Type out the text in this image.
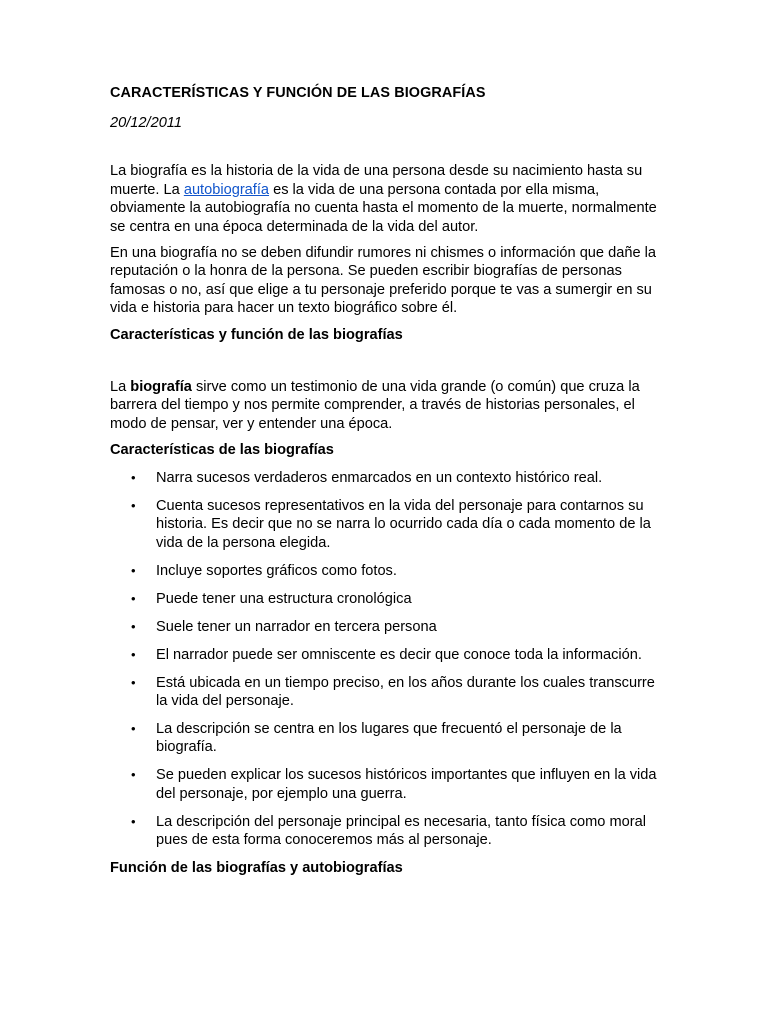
CARACTERÍSTICAS Y FUNCIÓN DE LAS BIOGRAFÍAS
20/12/2011

La biografía es la historia de la vida de una persona desde su nacimiento hasta su muerte. La autobiografía es la vida de una persona contada por ella misma, obviamente la autobiografía no cuenta hasta el momento de la muerte, normalmente se centra en una época determinada de la vida del autor.

En una biografía no se deben difundir rumores ni chismes o información que dañe la reputación o la honra de la persona. Se pueden escribir biografías de personas famosas o no, así que elige a tu personaje preferido porque te vas a sumergir en su vida e historia para hacer un texto biográfico sobre él.

Características y función de las biografías

La biografía sirve como un testimonio de una vida grande (o común) que cruza la barrera del tiempo y nos permite comprender, a través de historias personales, el modo de pensar, ver y entender una época.

Características de las biografías
• Narra sucesos verdaderos enmarcados en un contexto histórico real.
• Cuenta sucesos representativos en la vida del personaje para contarnos su historia. Es decir que no se narra lo ocurrido cada día o cada momento de la vida de la persona elegida.
• Incluye soportes gráficos como fotos.
• Puede tener una estructura cronológica
• Suele tener un narrador en tercera persona
• El narrador puede ser omniscente es decir que conoce toda la información.
• Está ubicada en un tiempo preciso, en los años durante los cuales transcurre la vida del personaje.
• La descripción se centra en los lugares que frecuentó el personaje de la biografía.
• Se pueden explicar los sucesos históricos importantes que influyen en la vida del personaje, por ejemplo una guerra.
• La descripción del personaje principal es necesaria, tanto física como moral pues de esta forma conoceremos más al personaje.
Función de las biografías y autobiografías
